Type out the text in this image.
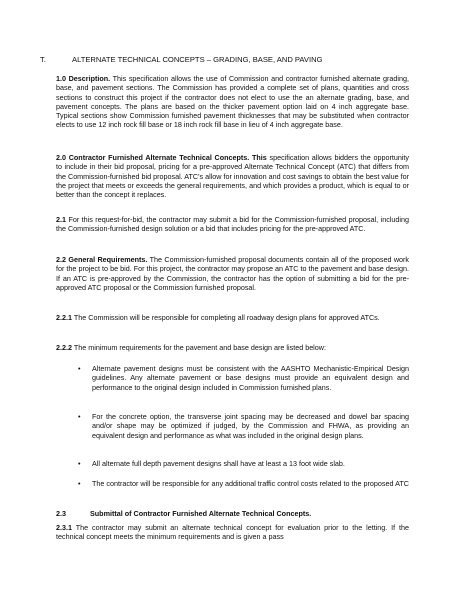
T.	ALTERNATE TECHNICAL CONCEPTS – GRADING, BASE, AND PAVING

1.0 Description. This specification allows the use of Commission and contractor furnished alternate grading, base, and pavement sections. The Commission has provided a complete set of plans, quantities and cross sections to construct this project if the contractor does not elect to use the an alternate grading, base, and pavement concepts. The plans are based on the thicker pavement option laid on 4 inch aggregate base. Typical sections show Commission furnished pavement thicknesses that may be substituted when contractor elects to use 12 inch rock fill base or 18 inch rock fill base in lieu of 4 inch aggregate base.

2.0 Contractor Furnished Alternate Technical Concepts. This specification allows bidders the opportunity to include in their bid proposal, pricing for a pre-approved Alternate Technical Concept (ATC) that differs from the Commission-furnished bid proposal. ATC's allow for innovation and cost savings to obtain the best value for the project that meets or exceeds the general requirements, and which provides a product, which is equal to or better than the concept it replaces.

2.1 For this request-for-bid, the contractor may submit a bid for the Commission-furnished proposal, including the Commission-furnished design solution or a bid that includes pricing for the pre-approved ATC.

2.2 General Requirements. The Commission-furnished proposal documents contain all of the proposed work for the project to be bid. For this project, the contractor may propose an ATC to the pavement and base design. If an ATC is pre-approved by the Commission, the contractor has the option of submitting a bid for the pre-approved ATC proposal or the Commission furnished proposal.

2.2.1 The Commission will be responsible for completing all roadway design plans for approved ATCs.

2.2.2 The minimum requirements for the pavement and base design are listed below:

• Alternate pavement designs must be consistent with the AASHTO Mechanistic-Empirical Design guidelines. Any alternate pavement or base designs must provide an equivalent design and performance to the original design included in Commission furnished plans.

• For the concrete option, the transverse joint spacing may be decreased and dowel bar spacing and/or shape may be optimized if judged, by the Commission and FHWA, as providing an equivalent design and performance as what was included in the original design plans.

• All alternate full depth pavement designs shall have at least a 13 foot wide slab.

• The contractor will be responsible for any additional traffic control costs related to the proposed ATC

2.3	Submittal of Contractor Furnished Alternate Technical Concepts.

2.3.1 The contractor may submit an alternate technical concept for evaluation prior to the letting. If the technical concept meets the minimum requirements and is given a pass
